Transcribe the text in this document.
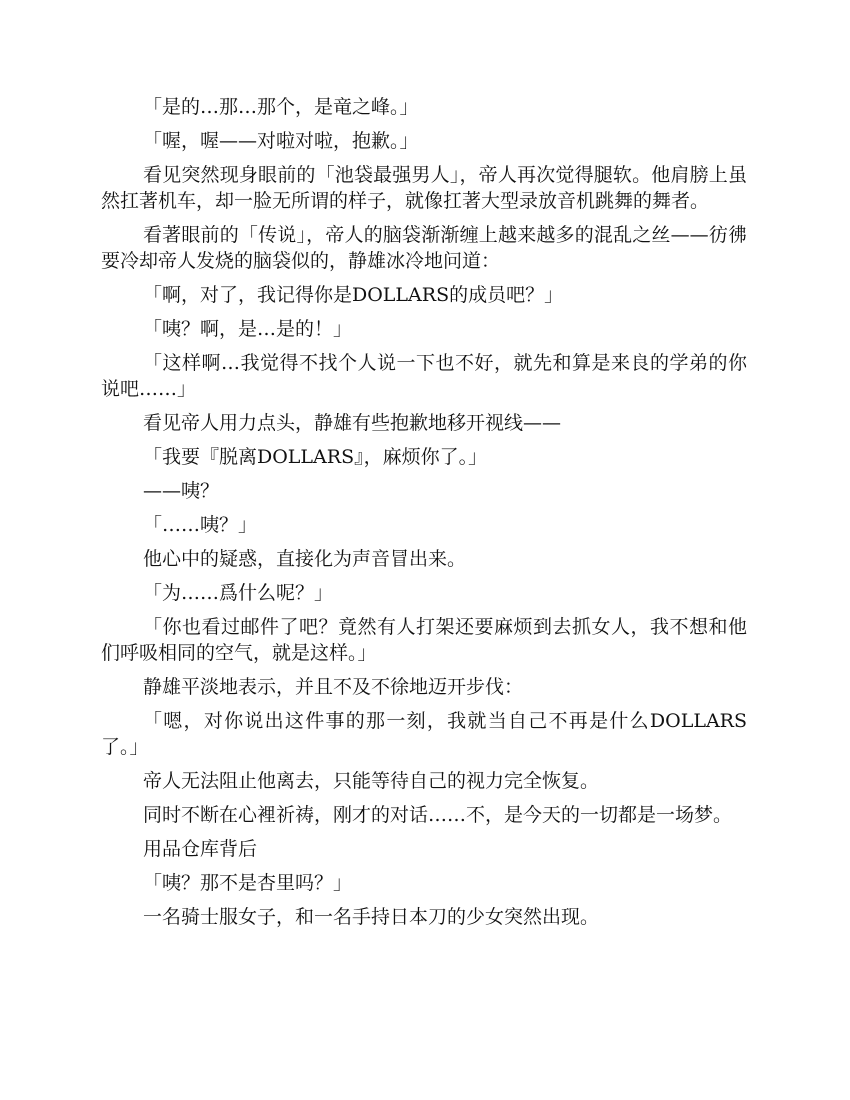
「是的…那…那个，是竜之峰。」

「喔，喔——对啦对啦，抱歉。」

看见突然现身眼前的「池袋最强男人」，帝人再次觉得腿软。他肩膀上虽然扛著机车，却一脸无所谓的样子，就像扛著大型录放音机跳舞的舞者。

看著眼前的「传说」，帝人的脑袋渐渐缠上越来越多的混乱之丝——彷彿要冷却帝人发烧的脑袋似的，静雄冰冷地问道：

「啊，对了，我记得你是DOLLARS的成员吧？」

「咦？啊，是…是的！」

「这样啊…我觉得不找个人说一下也不好，就先和算是来良的学弟的你说吧……」

看见帝人用力点头，静雄有些抱歉地移开视线——

「我要『脱离DOLLARS』，麻烦你了。」

——咦？

「……咦？」

他心中的疑惑，直接化为声音冒出来。

「为……爲什么呢？」

「你也看过邮件了吧？竟然有人打架还要麻烦到去抓女人，我不想和他们呼吸相同的空气，就是这样。」

静雄平淡地表示，并且不及不徐地迈开步伐：

「嗯，对你说出这件事的那一刻，我就当自己不再是什么DOLLARS了。」

帝人无法阻止他离去，只能等待自己的视力完全恢复。

同时不断在心裡祈祷，刚才的对话……不，是今天的一切都是一场梦。

用品仓库背后

「咦？那不是杏里吗？」

一名骑士服女子，和一名手持日本刀的少女突然出现。
